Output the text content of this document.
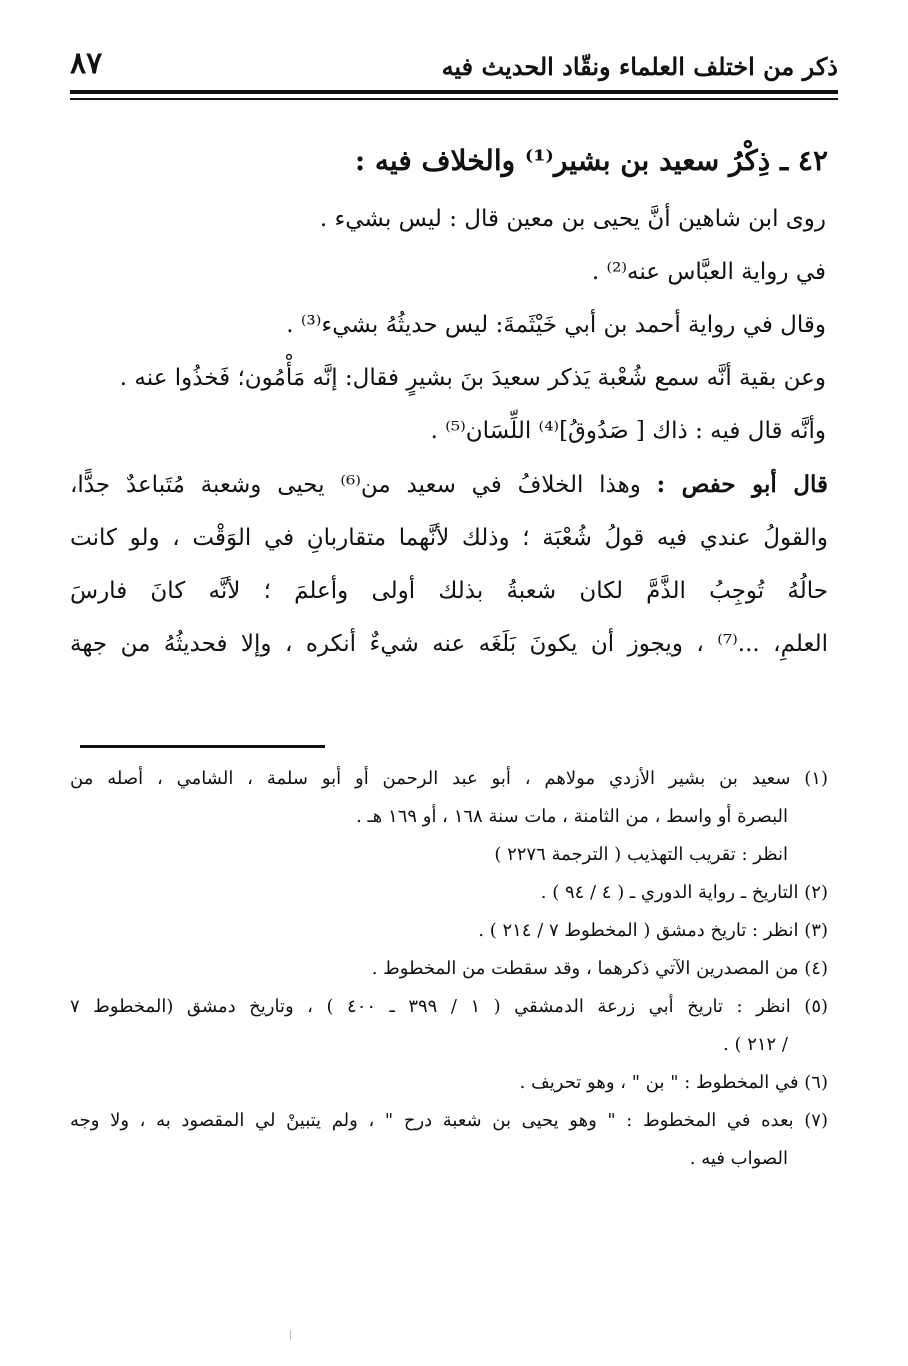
ذكر من اختلف العلماء ونقّاد الحديث فيه
٨٧

٤٢ ـ ذِكْرُ سعيد بن بشير⁽¹⁾ والخلاف فيه :

روى ابن شاهين أنَّ يحيى بن معين قال : ليس بشيء .

في رواية العبَّاس عنه⁽²⁾ .

وقال في رواية أحمد بن أبي خَيْثَمةَ: ليس حديثُهُ بشيء⁽³⁾ .

وعن بقية أنَّه سمع شُعْبة يَذكر سعيدَ بنَ بشيرٍ فقال: إنَّه مَأْمُون؛ فَخذُوا عنه .

وأنَّه قال فيه : ذاك [ صَدُوقُ]⁽⁴⁾ اللِّسَان⁽⁵⁾ .

قال أبو حفص : وهذا الخلافُ في سعيد من⁽⁶⁾ يحيى وشعبة مُتَباعدٌ جدًّا،

والقولُ عندي فيه قولُ شُعْبَة ؛ وذلك لأنَّهما متقاربانِ في الوَقْت ، ولو كانت

حالُهُ تُوجِبُ الذَّمَّ لكان شعبةُ بذلك أولى وأعلمَ ؛ لأنَّه كانَ فارسَ

العلمِ، ...⁽⁷⁾ ، ويجوز أن يكونَ بَلَغَه عنه شيءٌ أنكره ، وإلا فحديثُهُ من جهة

(١) سعيد بن بشير الأزدي مولاهم ، أبو عبد الرحمن أو أبو سلمة ، الشامي ، أصله من

البصرة أو واسط ، من الثامنة ، مات سنة ١٦٨ ، أو ١٦٩ هـ .

انظر : تقريب التهذيب ( الترجمة ٢٢٧٦ )

(٢) التاريخ ـ رواية الدوري ـ ( ٤ / ٩٤ ) .

(٣) انظر : تاريخ دمشق ( المخطوط ٧ / ٢١٤ ) .

(٤) من المصدرين الآتي ذكرهما ، وقد سقطت من المخطوط .

(٥) انظر : تاريخ أبي زرعة الدمشقي ( ١ / ٣٩٩ ـ ٤٠٠ ) ، وتاريخ دمشق (المخطوط ٧

/ ٢١٢ ) .

(٦) في المخطوط : " بن " ، وهو تحريف .

(٧) بعده في المخطوط : " وهو يحيى بن شعبة درح " ، ولم يتبينْ لي المقصود به ، ولا وجه

الصواب فيه .
